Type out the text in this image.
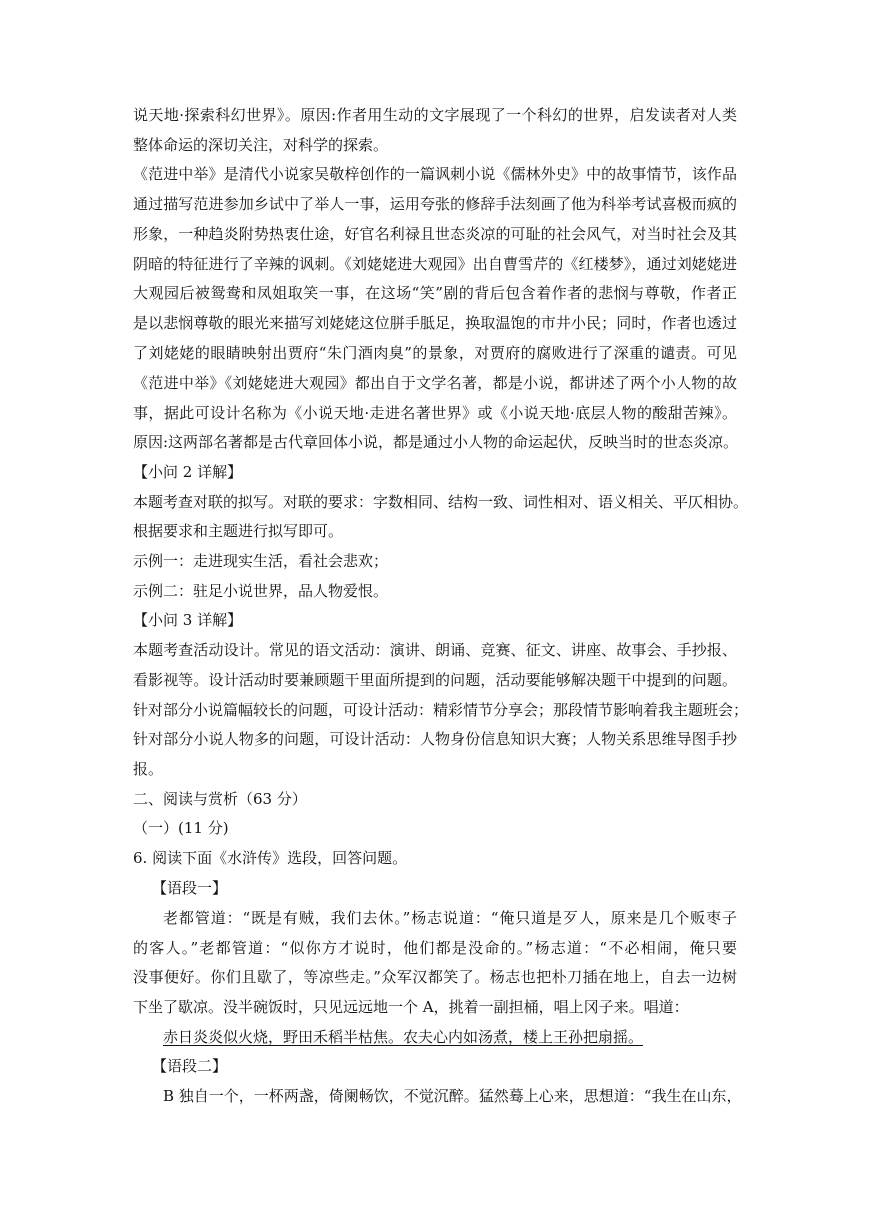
说天地·探索科幻世界》。原因:作者用生动的文字展现了一个科幻的世界，启发读者对人类
整体命运的深切关注，对科学的探索。
《范进中举》是清代小说家吴敬梓创作的一篇讽刺小说《儒林外史》中的故事情节，该作品
通过描写范进参加乡试中了举人一事，运用夸张的修辞手法刻画了他为科举考试喜极而疯的
形象，一种趋炎附势热衷仕途，好官名利禄且世态炎凉的可耻的社会风气，对当时社会及其
阴暗的特征进行了辛辣的讽刺。《刘姥姥进大观园》出自曹雪芹的《红楼梦》，通过刘姥姥进
大观园后被鸳鸯和凤姐取笑一事，在这场“笑”剧的背后包含着作者的悲悯与尊敬，作者正
是以悲悯尊敬的眼光来描写刘姥姥这位胼手胝足，换取温饱的市井小民；同时，作者也透过
了刘姥姥的眼睛映射出贾府“朱门酒肉臭”的景象，对贾府的腐败进行了深重的谴责。可见
《范进中举》《刘姥姥进大观园》都出自于文学名著，都是小说，都讲述了两个小人物的故
事，据此可设计名称为《小说天地·走进名著世界》或《小说天地·底层人物的酸甜苦辣》。
原因:这两部名著都是古代章回体小说，都是通过小人物的命运起伏，反映当时的世态炎凉。
【小问 2 详解】
本题考查对联的拟写。对联的要求：字数相同、结构一致、词性相对、语义相关、平仄相协。
根据要求和主题进行拟写即可。
示例一：走进现实生活，看社会悲欢；
示例二：驻足小说世界，品人物爱恨。
【小问 3 详解】
本题考查活动设计。常见的语文活动：演讲、朗诵、竞赛、征文、讲座、故事会、手抄报、
看影视等。设计活动时要兼顾题干里面所提到的问题，活动要能够解决题干中提到的问题。
针对部分小说篇幅较长的问题，可设计活动：精彩情节分享会；那段情节影响着我主题班会；
针对部分小说人物多的问题，可设计活动：人物身份信息知识大赛；人物关系思维导图手抄
报。
二、阅读与赏析（63 分）
（一）(11 分)
6. 阅读下面《水浒传》选段，回答问题。
【语段一】
老都管道：“既是有贼，我们去休。”杨志说道：“俺只道是歹人，原来是几个贩枣子
的客人。”老都管道：“似你方才说时，他们都是没命的。”杨志道：“不必相闹，俺只要
没事便好。你们且歇了，等凉些走。”众军汉都笑了。杨志也把朴刀插在地上，自去一边树
下坐了歇凉。没半碗饭时，只见远远地一个 A，挑着一副担桶，唱上冈子来。唱道：
赤日炎炎似火烧，野田禾稻半枯焦。农夫心内如汤煮，楼上王孙把扇摇。
【语段二】
B 独自一个，一杯两盏，倚阑畅饮，不觉沉醉。猛然蓦上心来，思想道：“我生在山东，
